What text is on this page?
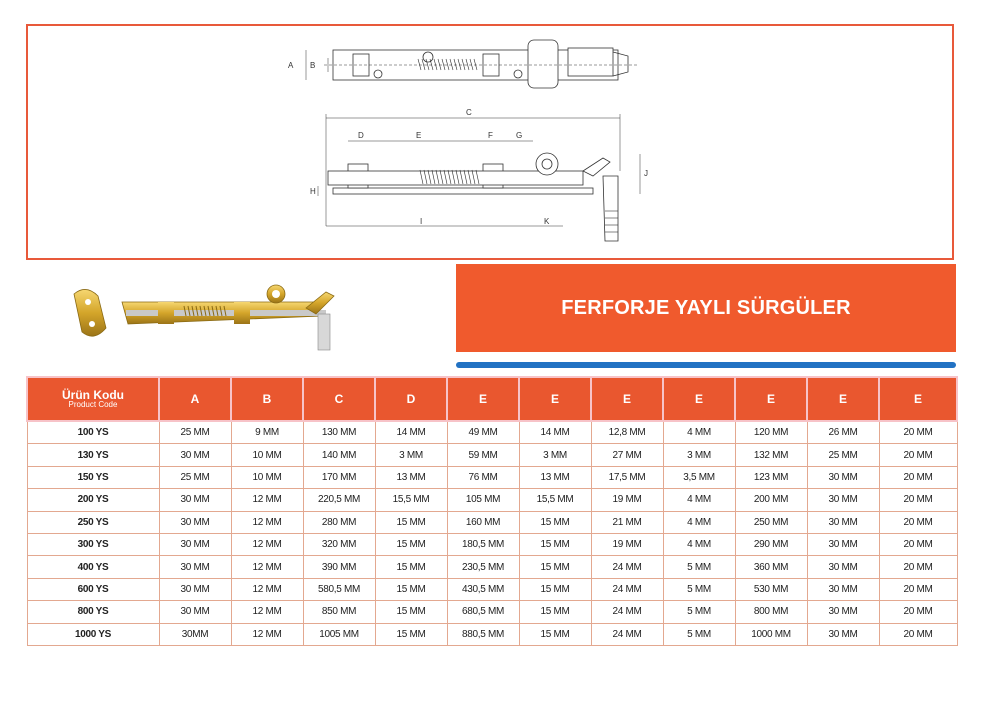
A B
C
D	E	F	G
H
I
J
K
FERFORJE YAYLI SÜRGÜLER
Ürün Kodu
Product Code	A	B	C	D	E	E	E	E	E	E	E
100 YS	25 MM	9 MM	130 MM	14 MM	49 MM	14 MM	12,8 MM	4 MM	120 MM	26 MM	20 MM
130 YS	30 MM	10 MM	140 MM	3 MM	59 MM	3 MM	27 MM	3 MM	132 MM	25 MM	20 MM
150 YS	25 MM	10 MM	170 MM	13 MM	76 MM	13 MM	17,5 MM	3,5 MM	123 MM	30 MM	20 MM
200 YS	30 MM	12 MM	220,5 MM	15,5 MM	105 MM	15,5 MM	19 MM	4 MM	200 MM	30 MM	20 MM
250 YS	30 MM	12 MM	280 MM	15 MM	160 MM	15 MM	21 MM	4 MM	250 MM	30 MM	20 MM
300 YS	30 MM	12 MM	320 MM	15 MM	180,5 MM	15 MM	19 MM	4 MM	290 MM	30 MM	20 MM
400 YS	30 MM	12 MM	390 MM	15 MM	230,5 MM	15 MM	24 MM	5 MM	360 MM	30 MM	20 MM
600 YS	30 MM	12 MM	580,5 MM	15 MM	430,5 MM	15 MM	24 MM	5 MM	530 MM	30 MM	20 MM
800 YS	30 MM	12 MM	850 MM	15 MM	680,5 MM	15 MM	24 MM	5 MM	800 MM	30 MM	20 MM
1000 YS	30MM	12 MM	1005 MM	15 MM	880,5 MM	15 MM	24 MM	5 MM	1000 MM	30 MM	20 MM
